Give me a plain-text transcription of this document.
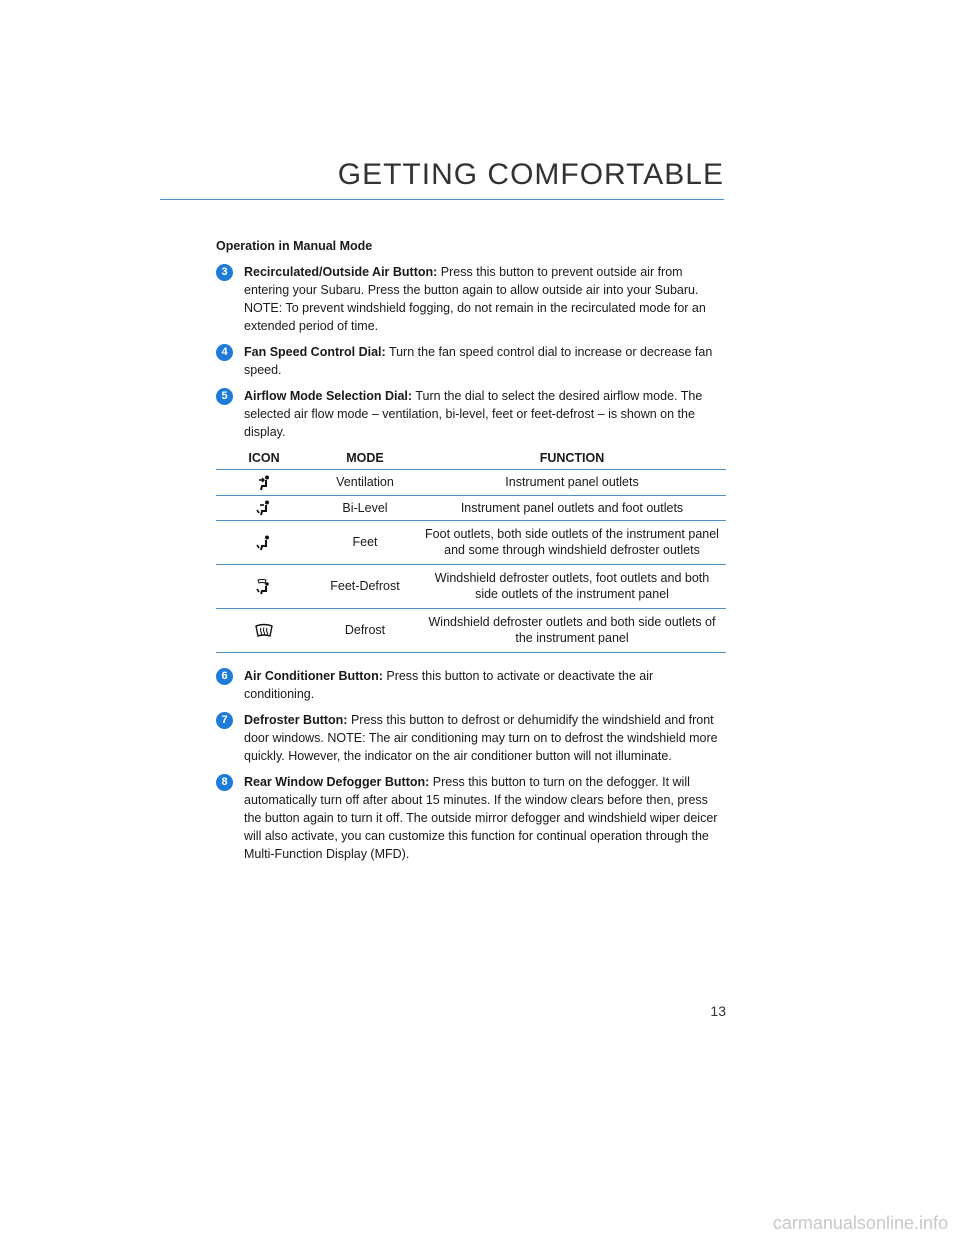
GETTING COMFORTABLE
Operation in Manual Mode
3	Recirculated/Outside Air Button: Press this button to prevent outside air from entering your Subaru. Press the button again to allow outside air into your Subaru. NOTE: To prevent windshield fogging, do not remain in the recirculated mode for an extended period of time.
4	Fan Speed Control Dial: Turn the fan speed control dial to increase or decrease fan speed.
5	Airflow Mode Selection Dial: Turn the dial to select the desired airflow mode. The selected air flow mode – ventilation, bi-level, feet or feet-defrost – is shown on the display.
ICON	MODE	FUNCTION
	Ventilation	Instrument panel outlets
	Bi-Level	Instrument panel outlets and foot outlets
	Feet	Foot outlets, both side outlets of the instrument panel and some through windshield defroster outlets
	Feet-Defrost	Windshield defroster outlets, foot outlets and both side outlets of the instrument panel
	Defrost	Windshield defroster outlets and both side outlets of the instrument panel
6	Air Conditioner Button: Press this button to activate or deactivate the air conditioning.
7	Defroster Button: Press this button to defrost or dehumidify the windshield and front door windows. NOTE: The air conditioning may turn on to defrost the windshield more quickly. However, the indicator on the air conditioner button will not illuminate.
8	Rear Window Defogger Button: Press this button to turn on the defogger. It will automatically turn off after about 15 minutes. If the window clears before then, press the button again to turn it off. The outside mirror defogger and windshield wiper deicer will also activate, you can customize this function for continual operation through the Multi-Function Display (MFD).
13
carmanualsonline.info
